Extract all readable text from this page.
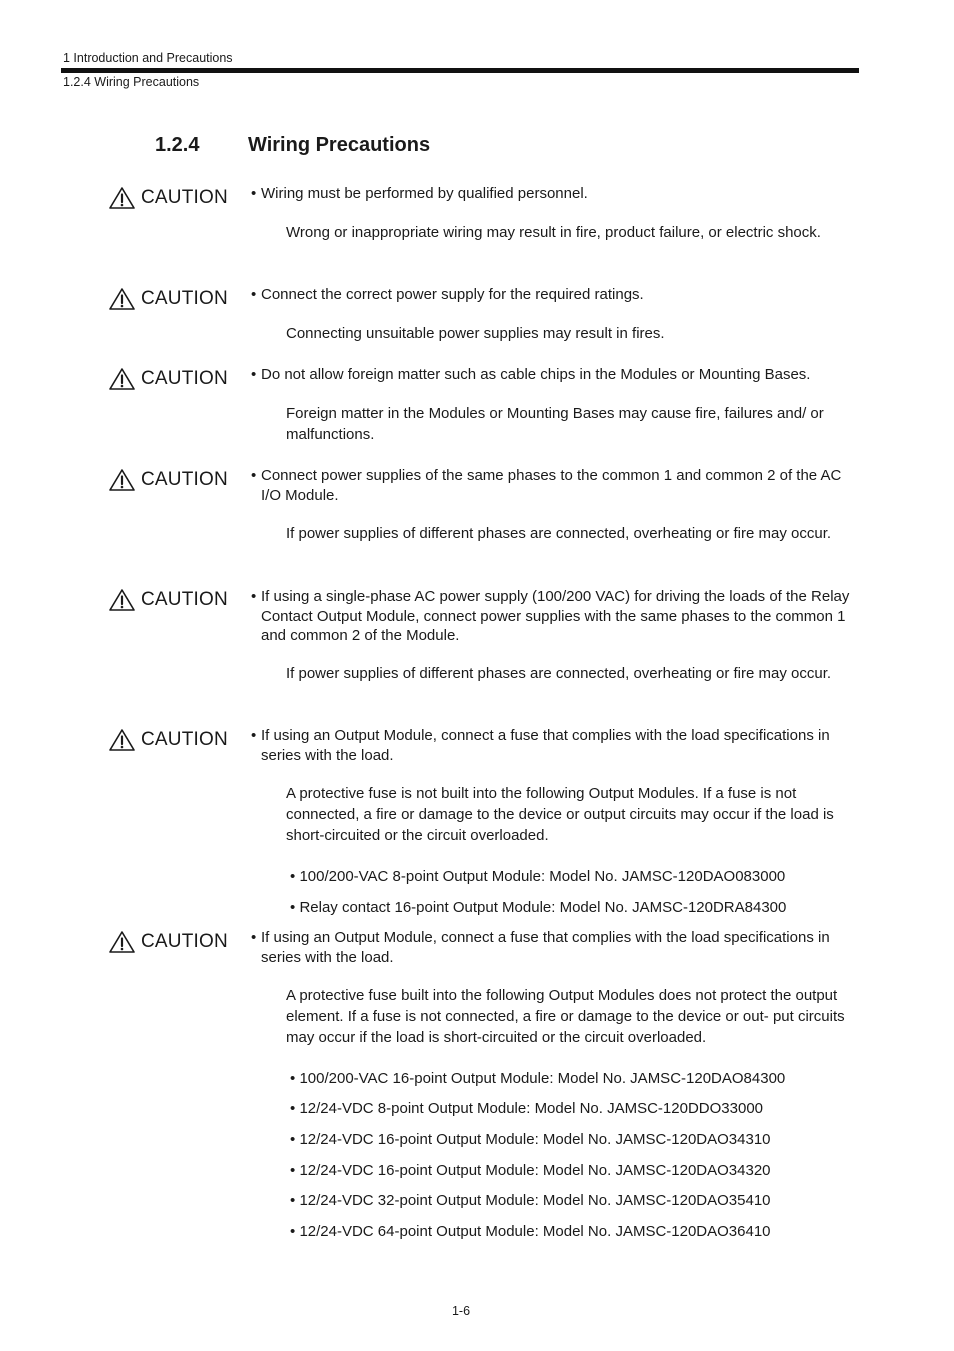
1 Introduction and Precautions
1.2.4 Wiring Precautions
1.2.4 Wiring Precautions
CAUTION • Wiring must be performed by qualified personnel.
Wrong or inappropriate wiring may result in fire, product failure, or electric shock.
CAUTION • Connect the correct power supply for the required ratings.
Connecting unsuitable power supplies may result in fires.
CAUTION • Do not allow foreign matter such as cable chips in the Modules or Mounting Bases.
Foreign matter in the Modules or Mounting Bases may cause fire, failures and/ or malfunctions.
CAUTION • Connect power supplies of the same phases to the common 1 and common 2 of the AC I/O Module.
If power supplies of different phases are connected, overheating or fire may occur.
CAUTION • If using a single-phase AC power supply (100/200 VAC) for driving the loads of the Relay Contact Output Module, connect power supplies with the same phases to the common 1 and common 2 of the Module.
If power supplies of different phases are connected, overheating or fire may occur.
CAUTION • If using an Output Module, connect a fuse that complies with the load specifications in series with the load.
A protective fuse is not built into the following Output Modules. If a fuse is not connected, a fire or damage to the device or output circuits may occur if the load is short-circuited or the circuit overloaded.
• 100/200-VAC 8-point Output Module: Model No. JAMSC-120DAO083000
• Relay contact 16-point Output Module: Model No. JAMSC-120DRA84300
CAUTION • If using an Output Module, connect a fuse that complies with the load specifications in series with the load.
A protective fuse built into the following Output Modules does not protect the output element. If a fuse is not connected, a fire or damage to the device or out- put circuits may occur if the load is short-circuited or the circuit overloaded.
• 100/200-VAC 16-point Output Module: Model No. JAMSC-120DAO84300
• 12/24-VDC 8-point Output Module: Model No. JAMSC-120DDO33000
• 12/24-VDC 16-point Output Module: Model No. JAMSC-120DAO34310
• 12/24-VDC 16-point Output Module: Model No. JAMSC-120DAO34320
• 12/24-VDC 32-point Output Module: Model No. JAMSC-120DAO35410
• 12/24-VDC 64-point Output Module: Model No. JAMSC-120DAO36410
1-6
